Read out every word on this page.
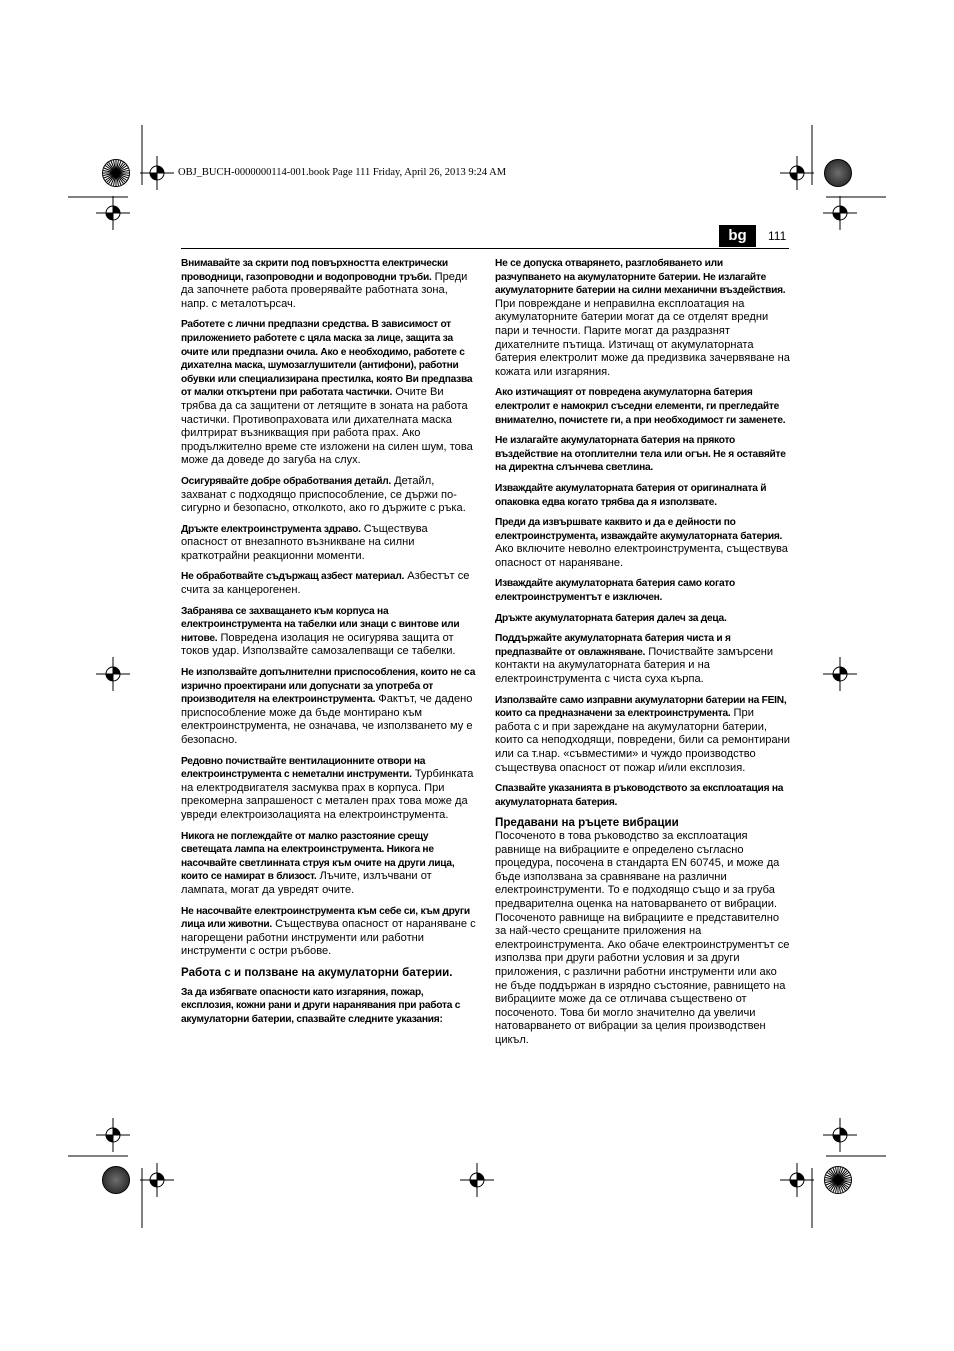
OBJ_BUCH-0000000114-001.book Page 111 Friday, April 26, 2013 9:24 AM
bg	111
Внимавайте за скрити под повърхността електрически проводници, газопроводни и водопроводни тръби. Преди да започнете работа проверявайте работната зона, напр. с металотърсач.
Работете с лични предпазни средства. В зависимост от приложението работете с цяла маска за лице, защита за очите или предпазни очила. Ако е необходимо, работете с дихателна маска, шумозаглушители (антифони), работни обувки или специализирана престилка, която Ви предпазва от малки откъртени при работата частички. Очите Ви трябва да са защитени от летящите в зоната на работа частички. Противопраховата или дихателната маска филтрират възникващия при работа прах. Ако продължително време сте изложени на силен шум, това може да доведе до загуба на слух.
Осигурявайте добре обработвания детайл. Детайл, захванат с подходящо приспособление, се държи по-сигурно и безопасно, отколкото, ако го държите с ръка.
Дръжте електроинструмента здраво. Съществува опасност от внезапното възникване на силни краткотрайни реакционни моменти.
Не обработвайте съдържащ азбест материал. Азбестът се счита за канцерогенен.
Забранява се захващането към корпуса на електроинструмента на табелки или знаци с винтове или нитове. Повредена изолация не осигурява защита от токов удар. Използвайте самозалепващи се табелки.
Не използвайте допълнителни приспособления, които не са изрично проектирани или допуснати за употреба от производителя на електроинструмента. Фактът, че дадено приспособление може да бъде монтирано към електроинструмента, не означава, че използването му е безопасно.
Редовно почиствайте вентилационните отвори на електроинструмента с неметални инструменти. Турбинката на електродвигателя засмуква прах в корпуса. При прекомерна запрашеност с метален прах това може да увреди електроизолацията на електроинструмента.
Никога не поглеждайте от малко разстояние срещу светещата лампа на електроинструмента. Никога не насочвайте светлинната струя към очите на други лица, които се намират в близост. Лъчите, излъчвани от лампата, могат да увредят очите.
Не насочвайте електроинструмента към себе си, към други лица или животни. Съществува опасност от нараняване с нагорещени работни инструменти или работни инструменти с остри ръбове.
Работа с и ползване на акумулаторни батерии.
За да избягвате опасности като изгаряния, пожар, експлозия, кожни рани и други наранявания при работа с акумулаторни батерии, спазвайте следните указания:
Не се допуска отварянето, разглобяването или разчупването на акумулаторните батерии. Не излагайте акумулаторните батерии на силни механични въздействия. При повреждане и неправилна експлоатация на акумулаторните батерии могат да се отделят вредни пари и течности. Парите могат да раздразнят дихателните пътища. Изтичащ от акумулаторната батерия електролит може да предизвика зачервяване на кожата или изгаряния.
Ако изтичащият от повредена акумулаторна батерия електролит е намокрил съседни елементи, ги прегледайте внимателно, почистете ги, а при необходимост ги заменете.
Не излагайте акумулаторната батерия на прякото въздействие на отоплителни тела или огън. Не я оставяйте на директна слънчева светлина.
Изваждайте акумулаторната батерия от оригиналната й опаковка едва когато трябва да я използвате.
Преди да извършвате каквито и да е дейности по електроинструмента, изваждайте акумулаторната батерия. Ако включите неволно електроинструмента, съществува опасност от нараняване.
Изваждайте акумулаторната батерия само когато електроинструментът е изключен.
Дръжте акумулаторната батерия далеч за деца.
Поддържайте акумулаторната батерия чиста и я предпазвайте от овлажняване. Почиствайте замърсени контакти на акумулаторната батерия и на електроинструмента с чиста суха кърпа.
Използвайте само изправни акумулаторни батерии на FEIN, които са предназначени за електроинструмента. При работа с и при зареждане на акумулаторни батерии, които са неподходящи, повредени, били са ремонтирани или са т.нар. «съвместими» и чуждо производство съществува опасност от пожар и/или експлозия.
Спазвайте указанията в ръководството за експлоатация на акумулаторната батерия.
Предавани на ръцете вибрации
Посоченото в това ръководство за експлоатация равнище на вибрациите е определено съгласно процедура, посочена в стандарта EN 60745, и може да бъде използвана за сравняване на различни електроинструменти. То е подходящо също и за груба предварителна оценка на натоварването от вибрации.
Посоченото равнище на вибрациите е представително за най-често срещаните приложения на електроинструмента. Ако обаче електроинструментът се използва при други работни условия и за други приложения, с различни работни инструменти или ако не бъде поддържан в изрядно състояние, равнището на вибрациите може да се отличава съществено от посоченото. Това би могло значително да увеличи натоварването от вибрации за целия производствен цикъл.
